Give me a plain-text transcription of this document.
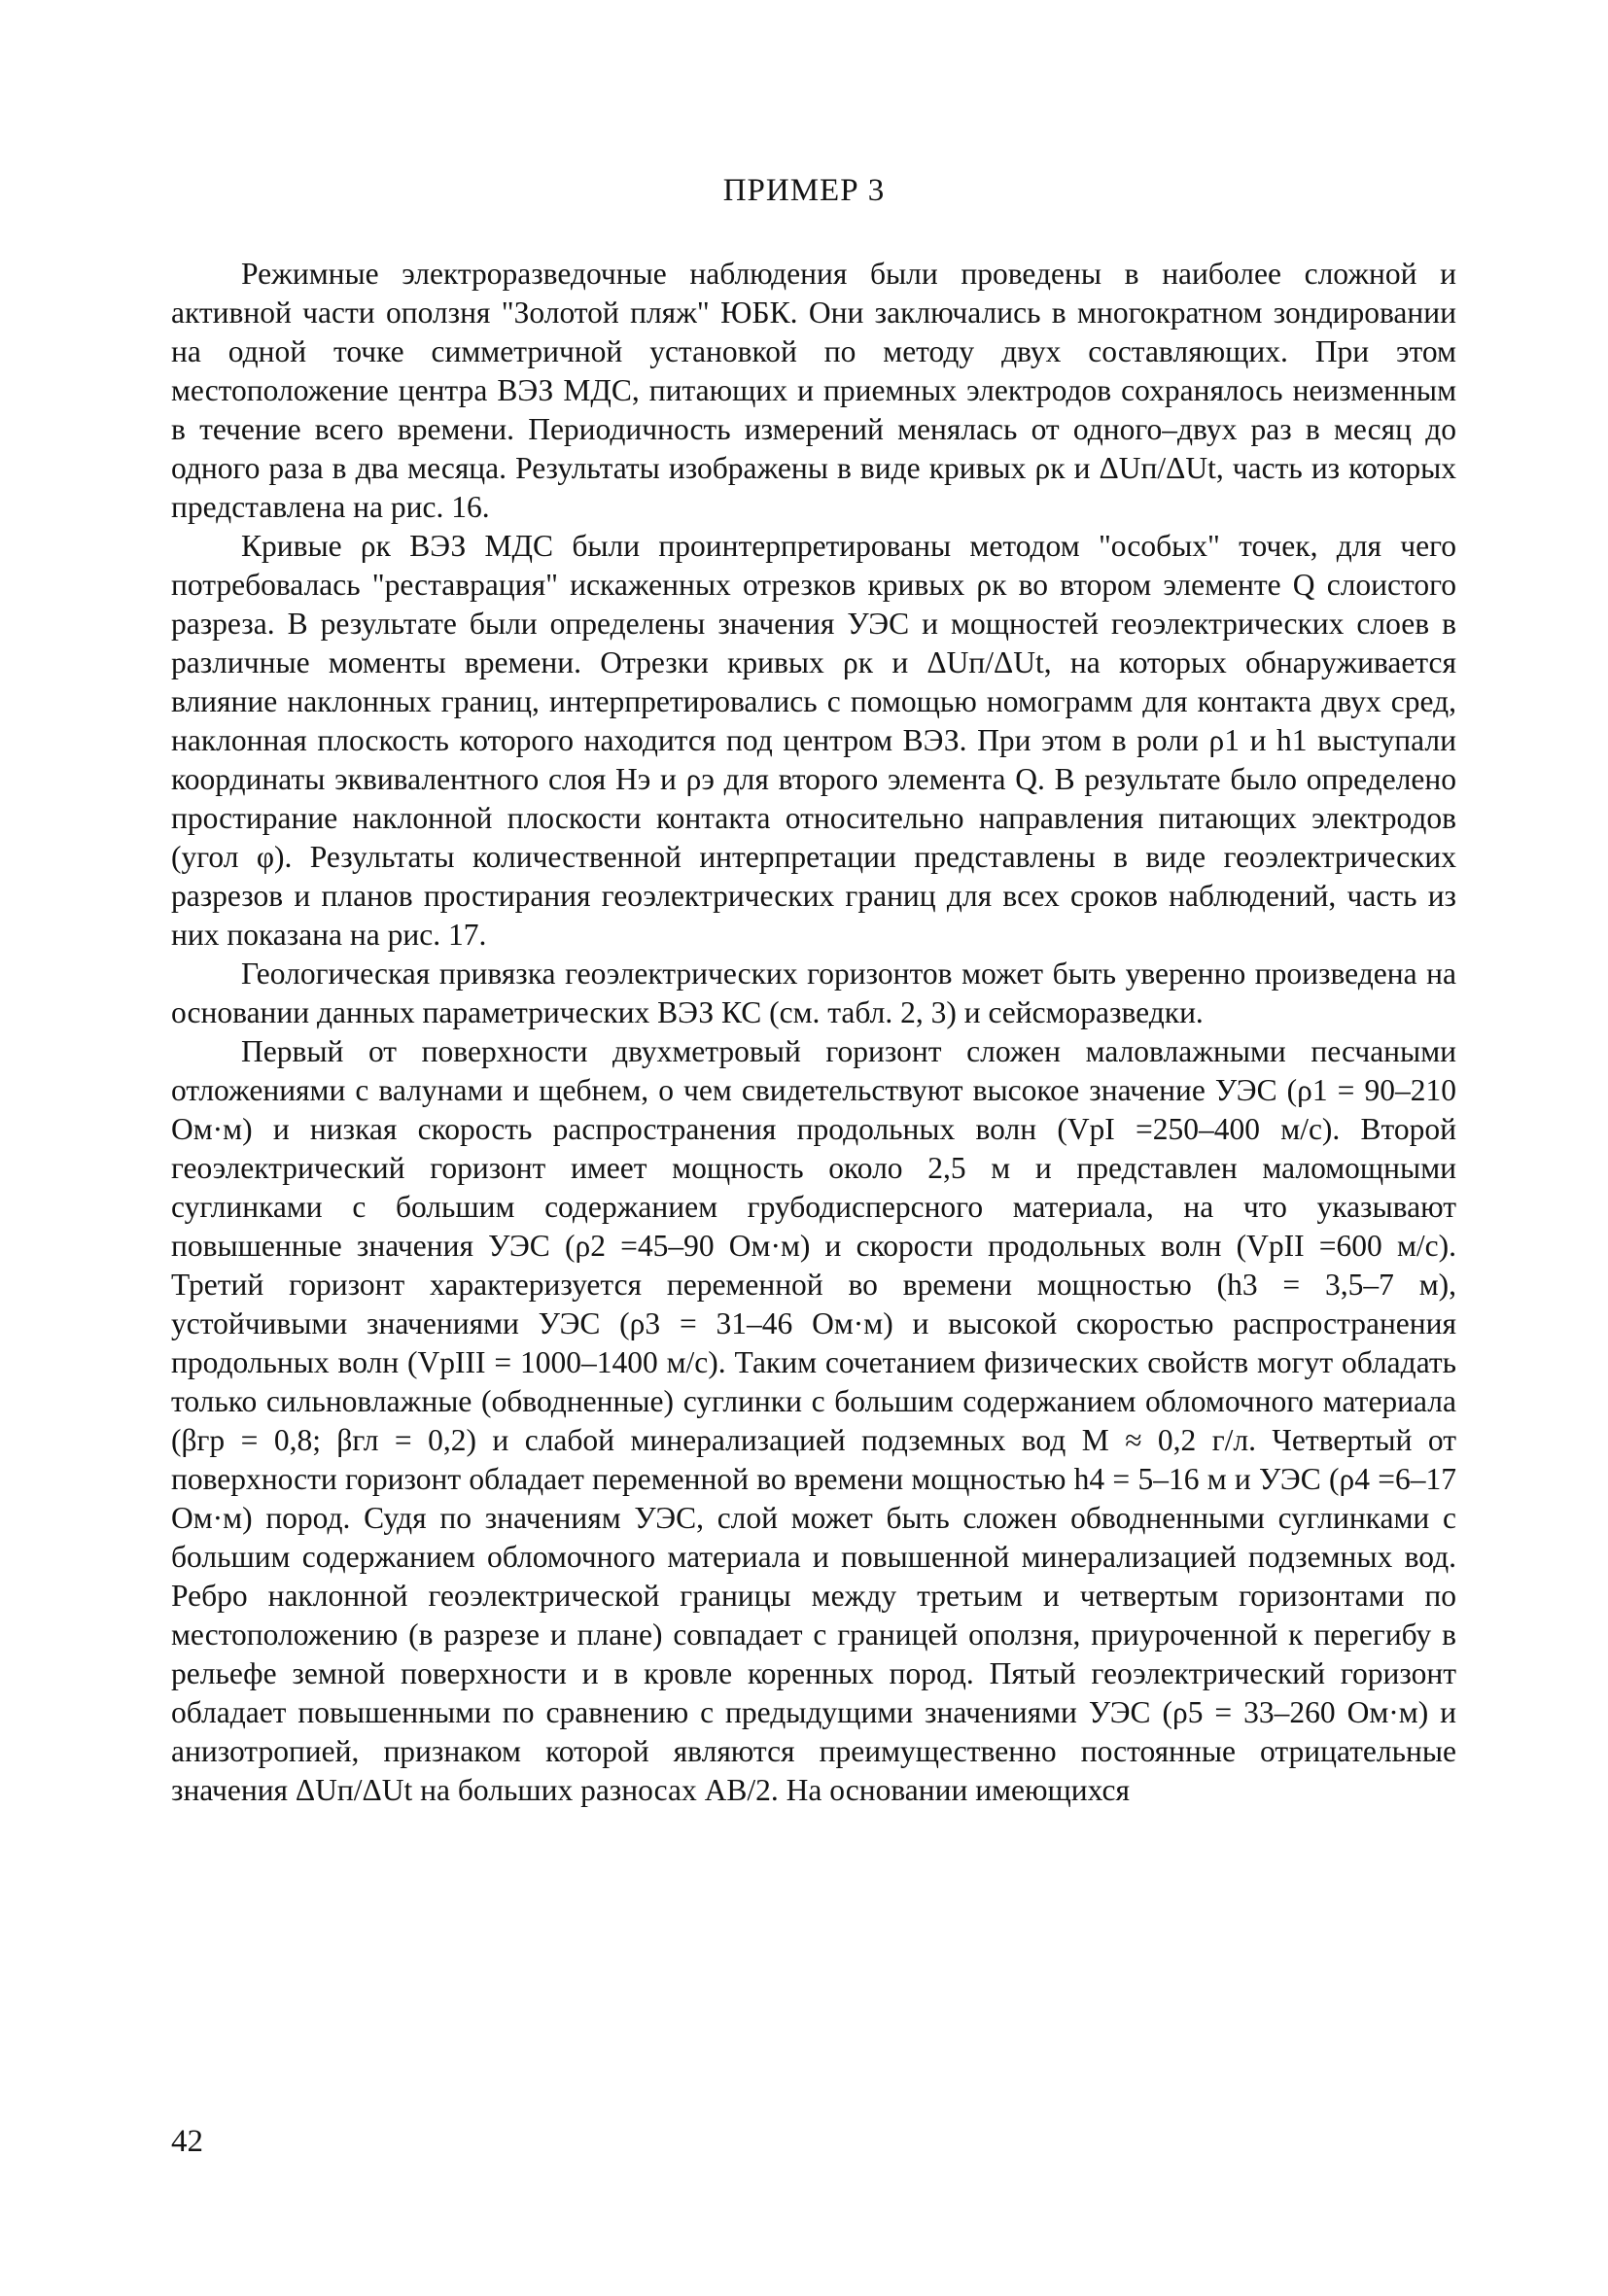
ПРИМЕР 3

Режимные электроразведочные наблюдения были проведены в наиболее сложной и активной части оползня "Золотой пляж" ЮБК. Они заключались в многократном зондировании на одной точке симметричной установкой по методу двух составляющих. При этом местоположение центра ВЭЗ МДС, питающих и приемных электродов сохранялось неизменным в течение всего времени. Периодичность измерений менялась от одного–двух раз в месяц до одного раза в два месяца. Результаты изображены в виде кривых ρк и ΔUп/ΔUt, часть из которых представлена на рис. 16.

Кривые ρк ВЭЗ МДС были проинтерпретированы методом "особых" точек, для чего потребовалась "реставрация" искаженных отрезков кривых ρк во втором элементе Q слоистого разреза. В результате были определены значения УЭС и мощностей геоэлектрических слоев в различные моменты времени. Отрезки кривых ρк и ΔUп/ΔUt, на которых обнаруживается влияние наклонных границ, интерпретировались с помощью номограмм для контакта двух сред, наклонная плоскость которого находится под центром ВЭЗ. При этом в роли ρ1 и h1 выступали координаты эквивалентного слоя Hэ и ρэ для второго элемента Q. В результате было определено простирание наклонной плоскости контакта относительно направления питающих электродов (угол φ). Результаты количественной интерпретации представлены в виде геоэлектрических разрезов и планов простирания геоэлектрических границ для всех сроков наблюдений, часть из них показана на рис. 17.

Геологическая привязка геоэлектрических горизонтов может быть уверенно произведена на основании данных параметрических ВЭЗ КС (см. табл. 2, 3) и сейсморазведки.

Первый от поверхности двухметровый горизонт сложен маловлажными песчаными отложениями с валунами и щебнем, о чем свидетельствуют высокое значение УЭС (ρ1 = 90–210 Ом·м) и низкая скорость распространения продольных волн (VpI =250–400 м/с). Второй геоэлектрический горизонт имеет мощность около 2,5 м и представлен маломощными суглинками с большим содержанием грубодисперсного материала, на что указывают повышенные значения УЭС (ρ2 =45–90 Ом·м) и скорости продольных волн (VpII =600 м/с). Третий горизонт характеризуется переменной во времени мощностью (h3 = 3,5–7 м), устойчивыми значениями УЭС (ρ3 = 31–46 Ом·м) и высокой скоростью распространения продольных волн (VpIII = 1000–1400 м/с). Таким сочетанием физических свойств могут обладать только сильновлажные (обводненные) суглинки с большим содержанием обломочного материала (βгр = 0,8; βгл = 0,2) и слабой минерализацией подземных вод M ≈ 0,2 г/л. Четвертый от поверхности горизонт обладает переменной во времени мощностью h4 = 5–16 м и УЭС (ρ4 =6–17 Ом·м) пород. Судя по значениям УЭС, слой может быть сложен обводненными суглинками с большим содержанием обломочного материала и повышенной минерализацией подземных вод. Ребро наклонной геоэлектрической границы между третьим и четвертым горизонтами по местоположению (в разрезе и плане) совпадает с границей оползня, приуроченной к перегибу в рельефе земной поверхности и в кровле коренных пород. Пятый геоэлектрический горизонт обладает повышенными по сравнению с предыдущими значениями УЭС (ρ5 = 33–260 Ом·м) и анизотропией, признаком которой являются преимущественно постоянные отрицательные значения ΔUп/ΔUt на больших разносах AB/2. На основании имеющихся

42
